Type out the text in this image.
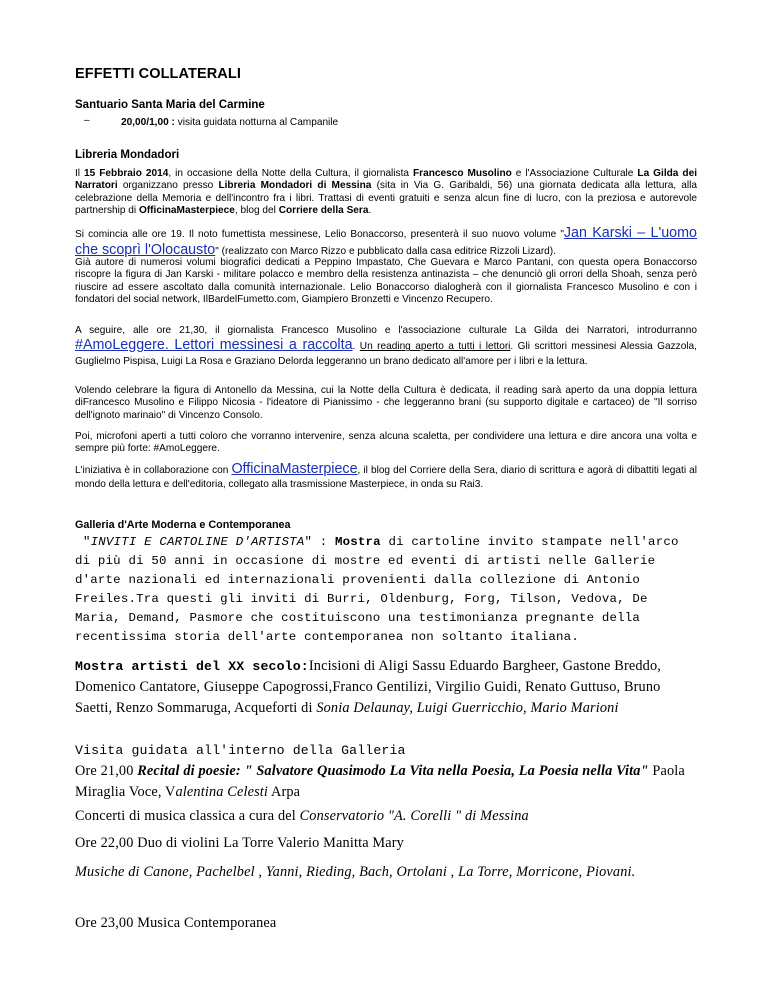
EFFETTI COLLATERALI
Santuario Santa Maria del Carmine
–	20,00/1,00 : visita guidata notturna al Campanile
Libreria Mondadori
Il 15 Febbraio 2014, in occasione della Notte della Cultura, il giornalista Francesco Musolino e l'Associazione Culturale La Gilda dei Narratori organizzano presso Libreria Mondadori di Messina (sita in Via G. Garibaldi, 56) una giornata dedicata alla lettura, alla celebrazione della Memoria e dell'incontro fra i libri. Trattasi di eventi gratuiti e senza alcun fine di lucro, con la preziosa e autorevole partnership di OfficinaMasterpiece, blog del Corriere della Sera.
Si comincia alle ore 19. Il noto fumettista messinese, Lelio Bonaccorso, presenterà il suo nuovo volume "Jan Karski – L'uomo che scoprì l'Olocausto" (realizzato con Marco Rizzo e pubblicato dalla casa editrice Rizzoli Lizard).
Già autore di numerosi volumi biografici dedicati a Peppino Impastato, Che Guevara e Marco Pantani, con questa opera Bonaccorso riscopre la figura di Jan Karski - militare polacco e membro della resistenza antinazista – che denunciò gli orrori della Shoah, senza però riuscire ad essere ascoltato dalla comunità internazionale. Lelio Bonaccorso dialogherà con il giornalista Francesco Musolino e con i fondatori del social network, IlBardelFumetto.com, Giampiero Bronzetti e Vincenzo Recupero.
A seguire, alle ore 21,30, il giornalista Francesco Musolino e l'associazione culturale La Gilda dei Narratori, introdurranno #AmoLeggere. Lettori messinesi a raccolta. Un reading aperto a tutti i lettori. Gli scrittori messinesi Alessia Gazzola, Guglielmo Pispisa, Luigi La Rosa e Graziano Delorda leggeranno un brano dedicato all'amore per i libri e la lettura.
Volendo celebrare la figura di Antonello da Messina, cui la Notte della Cultura è dedicata, il reading sarà aperto da una doppia lettura diFrancesco Musolino e Filippo Nicosia - l'ideatore di Pianissimo - che leggeranno brani (su supporto digitale e cartaceo) de "Il sorriso dell'ignoto marinaio" di Vincenzo Consolo.
Poi, microfoni aperti a tutti coloro che vorranno intervenire, senza alcuna scaletta, per condividere una lettura e dire ancora una volta e sempre più forte: #AmoLeggere.
L'iniziativa è in collaborazione con OfficinaMasterpiece, il blog del Corriere della Sera, diario di scrittura e agorà di dibattiti legati al mondo della lettura e dell'editoria, collegato alla trasmissione Masterpiece, in onda su Rai3.
Galleria d'Arte Moderna e Contemporanea
"INVITI E CARTOLINE D'ARTISTA" : Mostra di cartoline invito stampate nell'arco di più di 50 anni in occasione di mostre ed eventi di artisti nelle Gallerie d'arte nazionali ed internazionali provenienti dalla collezione di Antonio Freiles.Tra questi gli inviti di Burri, Oldenburg, Forg, Tilson, Vedova, De Maria, Demand, Pasmore che costituiscono una testimonianza pregnante della recentissima storia dell'arte contemporanea non soltanto italiana.
Mostra artisti del XX secolo:Incisioni di Aligi Sassu Eduardo Bargheer, Gastone Breddo, Domenico Cantatore, Giuseppe Capogrossi,Franco Gentilizi, Virgilio Guidi, Renato Guttuso, Bruno Saetti, Renzo Sommaruga, Acqueforti di Sonia Delaunay, Luigi Guerricchio, Mario Marioni
Visita guidata all'interno della Galleria
Ore 21,00 Recital di poesie: " Salvatore Quasimodo La Vita nella Poesia, La Poesia nella Vita" Paola Miraglia Voce, Valentina Celesti Arpa
Concerti di musica classica a cura del Conservatorio "A. Corelli " di Messina
Ore 22,00 Duo di violini La Torre Valerio Manitta Mary
Musiche di Canone, Pachelbel , Yanni, Rieding, Bach, Ortolani , La Torre, Morricone, Piovani.
Ore 23,00 Musica Contemporanea
